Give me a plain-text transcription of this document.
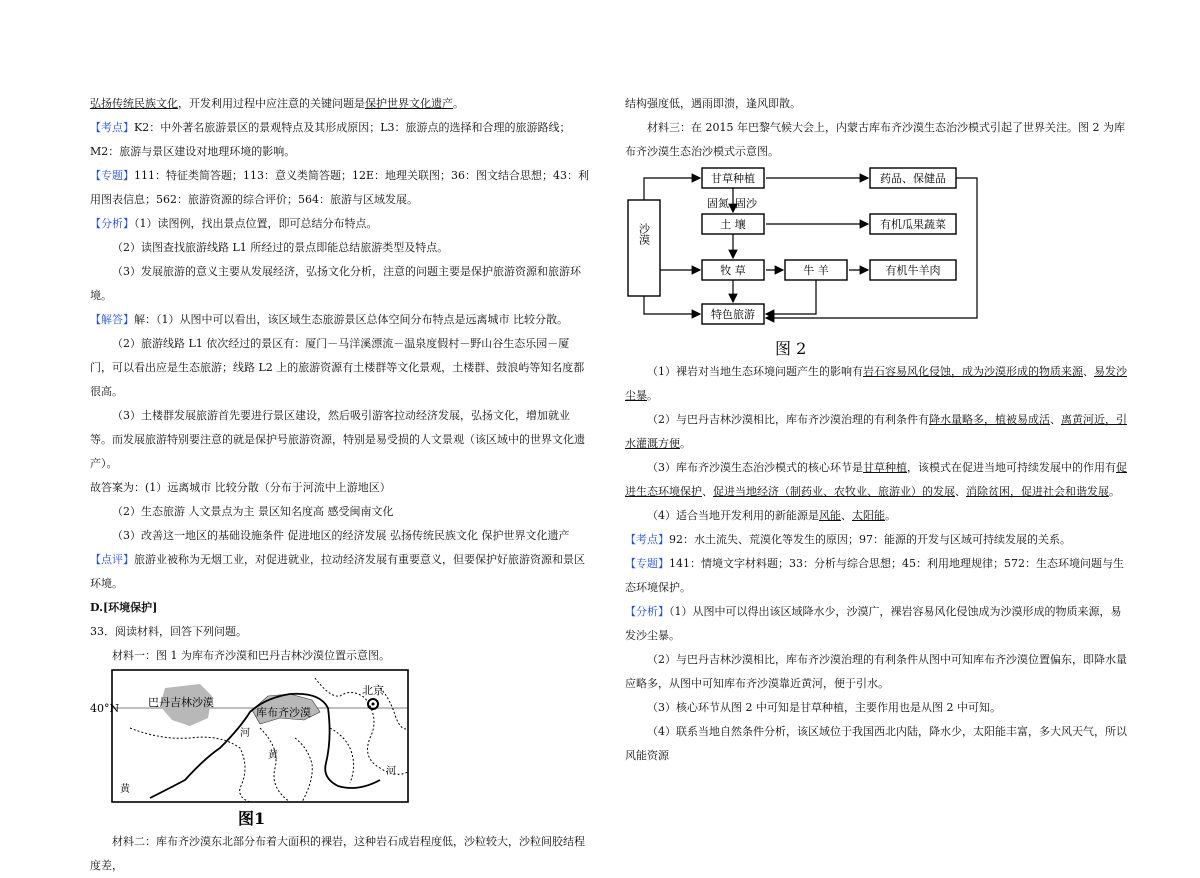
弘扬传统民族文化，开发利用过程中应注意的关键问题是保护世界文化遗产。

【考点】K2：中外著名旅游景区的景观特点及其形成原因；L3：旅游点的选择和合理的旅游路线；M2：旅游与景区建设对地理环境的影响。

【专题】111：特征类简答题；113：意义类简答题；12E：地理关联图；36：图文结合思想；43：利用图表信息；562：旅游资源的综合评价；564：旅游与区域发展。

【分析】（1）读图例，找出景点位置，即可总结分布特点。

（2）读图查找旅游线路 L1 所经过的景点即能总结旅游类型及特点。

（3）发展旅游的意义主要从发展经济，弘扬文化分析，注意的问题主要是保护旅游资源和旅游环境。

【解答】解：（1）从图中可以看出，该区域生态旅游景区总体空间分布特点是远离城市 比较分散。

（2）旅游线路 L1 依次经过的景区有：厦门－马洋溪漂流－温泉度假村－野山谷生态乐园－厦门，可以看出应是生态旅游；线路 L2 上的旅游资源有土楼群等文化景观，土楼群、鼓浪屿等知名度都很高。

（3）土楼群发展旅游首先要进行景区建设，然后吸引游客拉动经济发展，弘扬文化，增加就业等。而发展旅游特别要注意的就是保护号旅游资源，特别是易受损的人文景观（该区域中的世界文化遗产）。

故答案为：(1）远离城市 比较分散（分布于河流中上游地区）

（2）生态旅游 人文景点为主 景区知名度高 感受闽南文化

（3）改善这一地区的基础设施条件 促进地区的经济发展 弘扬传统民族文化 保护世界文化遗产

【点评】旅游业被称为无烟工业，对促进就业，拉动经济发展有重要意义，但要保护好旅游资源和景区环境。

D.[环境保护]

33．阅读材料，回答下列问题。

材料一：图 1 为库布齐沙漠和巴丹吉林沙漠位置示意图。

40°N	巴丹吉林沙漠
库布齐沙漠
北京
河
黄
河
黄
图1

材料二：库布齐沙漠东北部分布着大面积的裸岩，这种岩石成岩程度低，沙粒较大，沙粒间胶结程度差，

结构强度低，遇雨即溃，逢风即散。

材料三：在 2015 年巴黎气候大会上，内蒙古库布齐沙漠生态治沙模式引起了世界关注。图 2 为库布齐沙漠生态治沙模式示意图。

沙漠
甘草种植	药品、保健品
固氮 固沙
土 壤	有机瓜果蔬菜
牧 草	牛 羊	有机牛羊肉
特色旅游
图 2

（1）裸岩对当地生态环境问题产生的影响有岩石容易风化侵蚀，成为沙漠形成的物质来源、易发沙尘暴。

（2）与巴丹吉林沙漠相比，库布齐沙漠治理的有利条件有降水量略多，植被易成活、离黄河近，引水灌溉方便。

（3）库布齐沙漠生态治沙模式的核心环节是甘草种植，该模式在促进当地可持续发展中的作用有促进生态环境保护、促进当地经济（制药业、农牧业、旅游业）的发展、消除贫困，促进社会和谐发展。

（4）适合当地开发利用的新能源是风能、太阳能。

【考点】92：水土流失、荒漠化等发生的原因；97：能源的开发与区域可持续发展的关系。

【专题】141：情境文字材料题；33：分析与综合思想；45：利用地理规律；572：生态环境问题与生态环境保护。

【分析】（1）从图中可以得出该区域降水少，沙漠广，裸岩容易风化侵蚀成为沙漠形成的物质来源，易发沙尘暴。

（2）与巴丹吉林沙漠相比，库布齐沙漠治理的有利条件从图中可知库布齐沙漠位置偏东，即降水量应略多，从图中可知库布齐沙漠靠近黄河，便于引水。

（3）核心环节从图 2 中可知是甘草种植，主要作用也是从图 2 中可知。

（4）联系当地自然条件分析，该区域位于我国西北内陆，降水少，太阳能丰富，多大风天气，所以风能资源
